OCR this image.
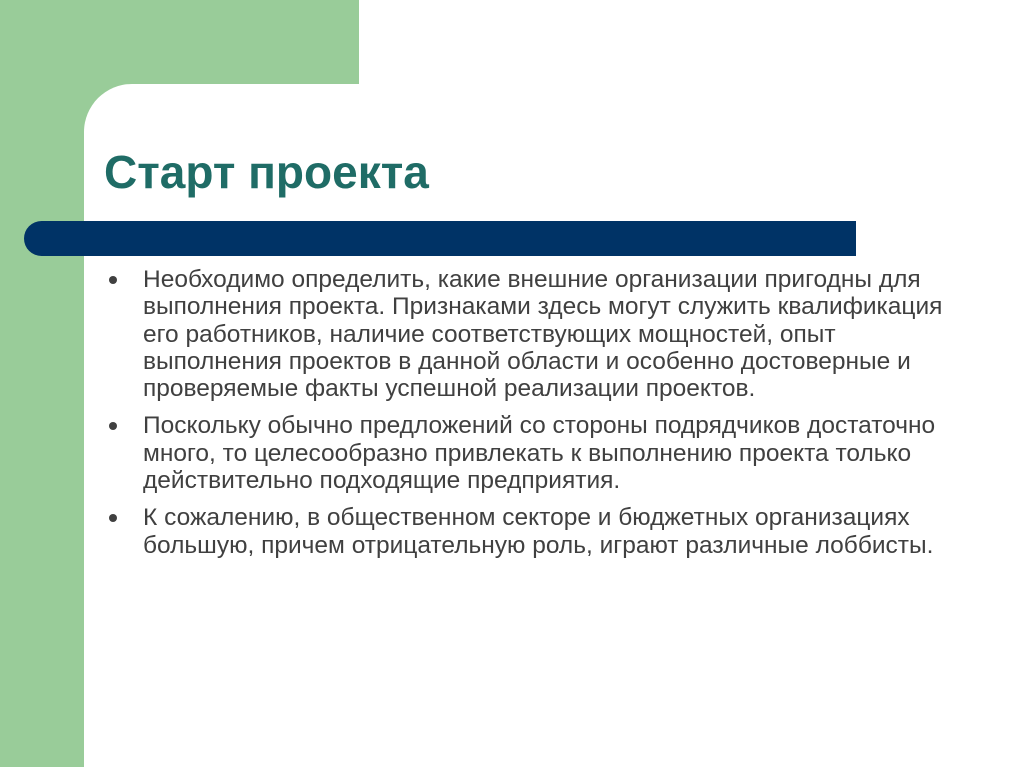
Старт проекта
Необходимо определить, какие внешние организации пригодны для выполнения проекта. Признаками здесь могут служить квалификация его работников, наличие соответствующих мощностей, опыт выполнения проектов в данной области и особенно достоверные и проверяемые факты успешной реализации проектов.
Поскольку обычно предложений со стороны подрядчиков достаточно много, то целесообразно привлекать к выполнению проекта только действительно подходящие предприятия.
К сожалению, в общественном секторе и бюджетных организациях большую, причем отрицательную роль, играют различные лоббисты.
